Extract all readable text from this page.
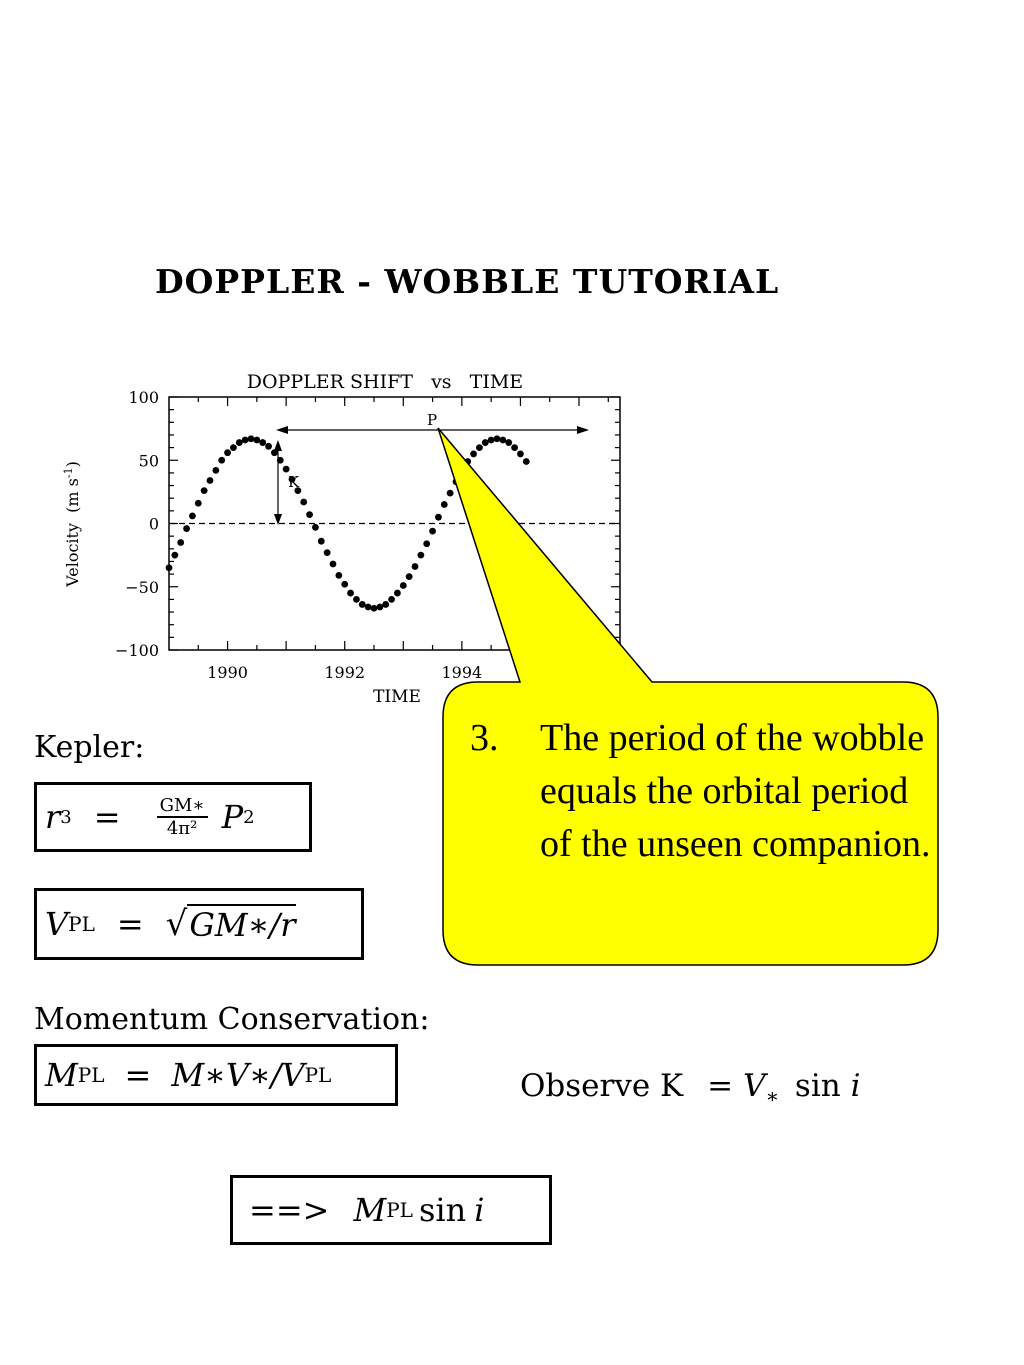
DOPPLER - WOBBLE TUTORIAL
DOPPLER SHIFT   vs   TIME
100
50
0
−50
−100
1990	1992	1994
TIME
Velocity  (m $s^{-1}$)
P
K
3. The period of the wobble equals the orbital period of the unseen companion.
Kepler:
r $3 = \frac{GM∗}{\text{4π²}}$ P 2
V PL = √ GM∗/r
Momentum Conservation:
M PL = M∗V∗/V PL	Observe $K = V_∗$ sin i
==> M PL sin i
